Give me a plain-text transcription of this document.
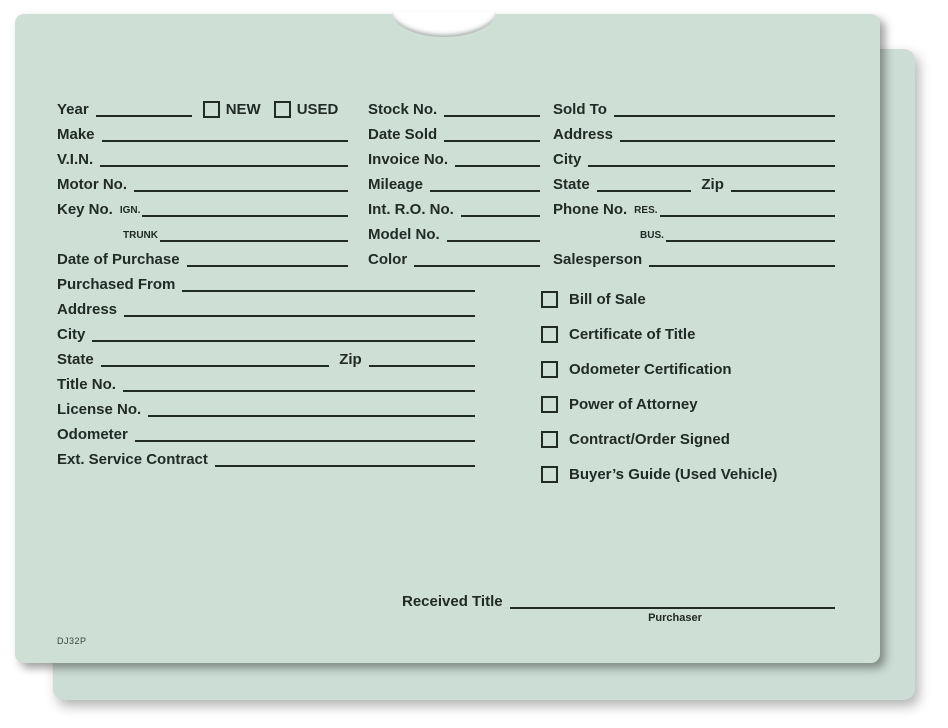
Year	NEW USED
Make
V.I.N.
Motor No.
Key No. IGN.
TRUNK
Date of Purchase
Stock No.
Date Sold
Invoice No.
Mileage
Int. R.O. No.
Model No.
Color
Sold To
Address
City
State	Zip
Phone No. RES.
BUS.
Salesperson
Purchased From
Address
City
State	Zip
Title No.
License No.
Odometer
Ext. Service Contract
Bill of Sale
Certificate of Title
Odometer Certification
Power of Attorney
Contract/Order Signed
Buyer’s Guide (Used Vehicle)
Received Title
Purchaser
DJ32P
